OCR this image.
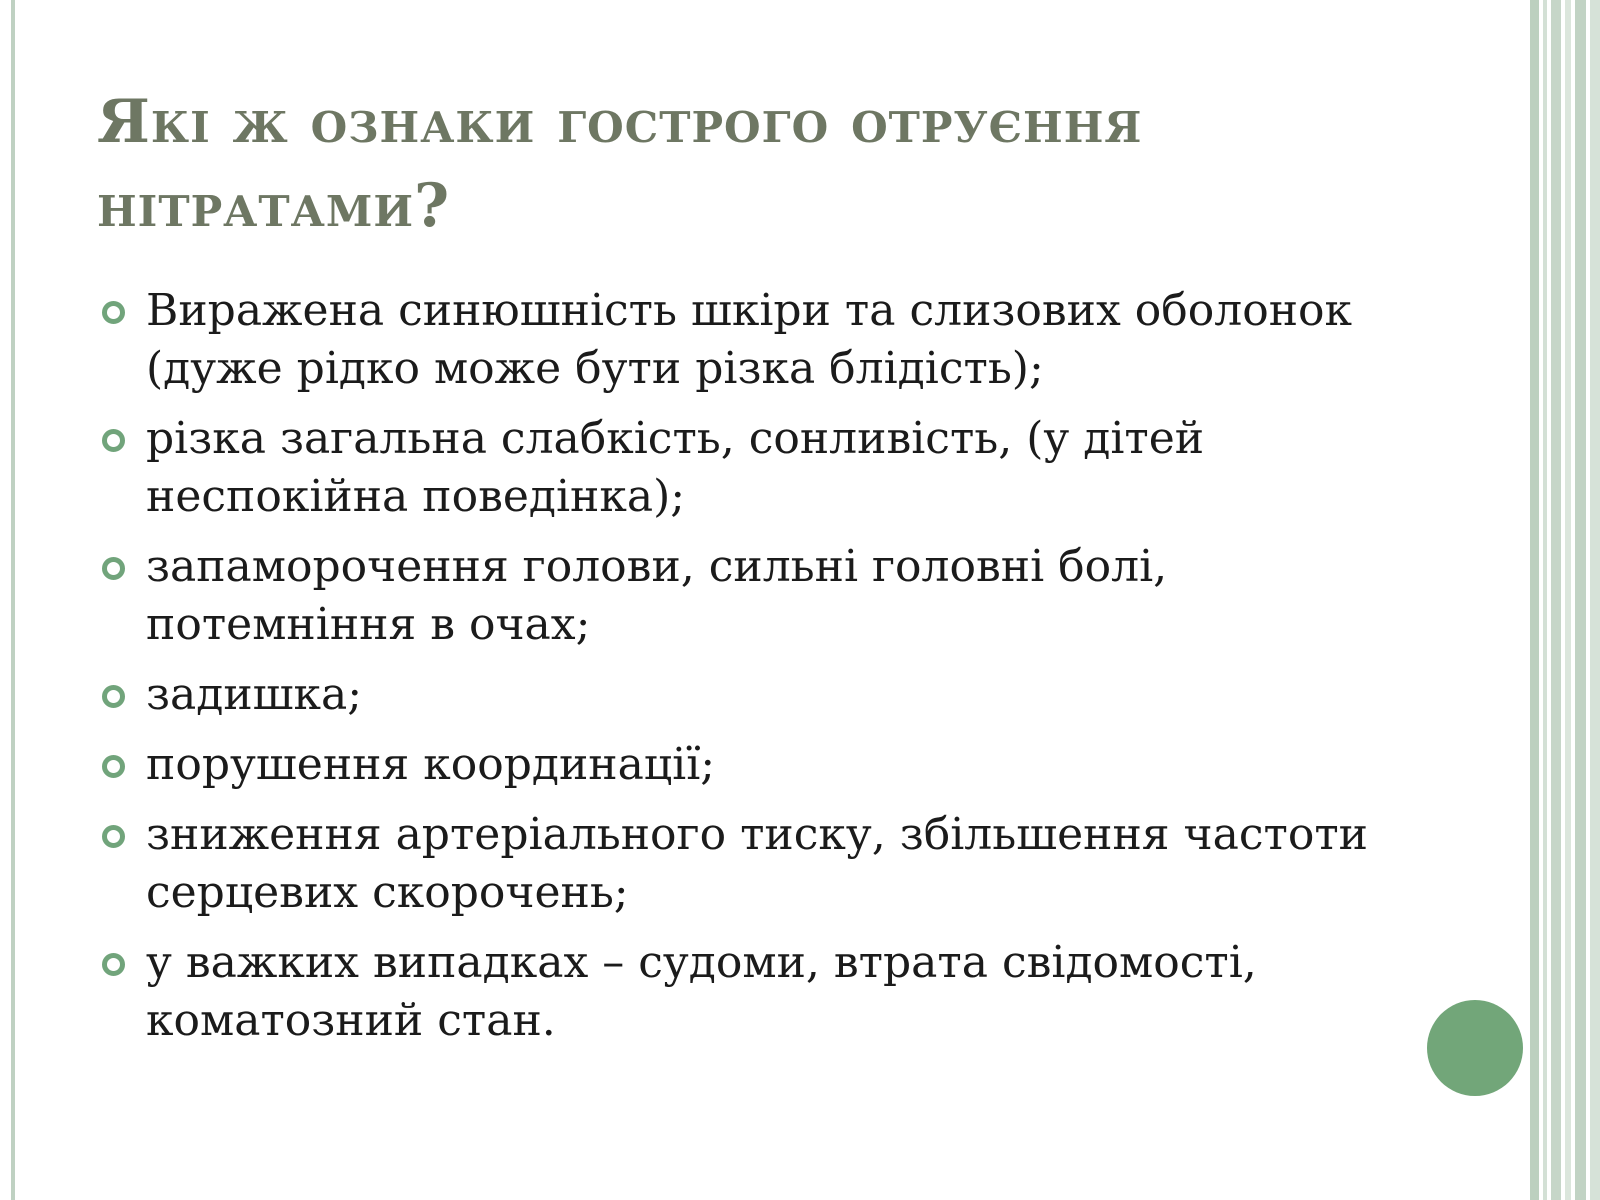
Які ж ознаки гострого отруєння нітратами?
Виражена синюшність шкіри та слизових оболонок (дуже рідко може бути різка блідість);
різка загальна слабкість, сонливість, (у дітей неспокійна поведінка);
запаморочення голови, сильні головні болі, потемніння в очах;
задишка;
порушення координації;
зниження артеріального тиску, збільшення частоти серцевих скорочень;
у важких випадках – судоми, втрата свідомості, коматозний стан.
